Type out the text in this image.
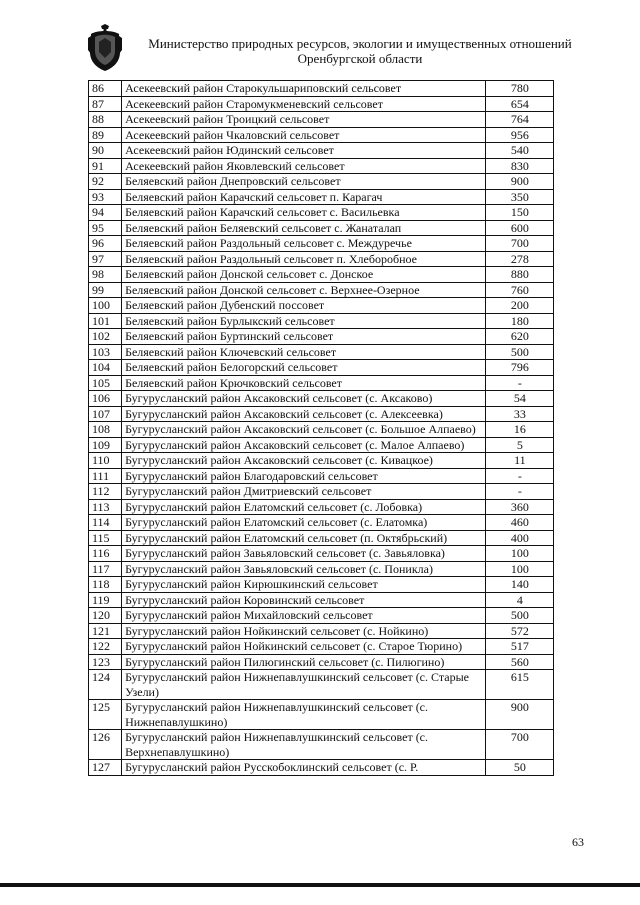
Министерство природных ресурсов, экологии и имущественных отношений
Оренбургской области
86	Асекеевский район Старокульшариповский сельсовет	780
87	Асекеевский район Старомукменевский сельсовет	654
88	Асекеевский район Троицкий сельсовет	764
89	Асекеевский район Чкаловский сельсовет	956
90	Асекеевский район Юдинский сельсовет	540
91	Асекеевский район Яковлевский сельсовет	830
92	Беляевский район Днепровский сельсовет	900
93	Беляевский район Карачский сельсовет п. Карагач	350
94	Беляевский район Карачский сельсовет с. Васильевка	150
95	Беляевский район Беляевский сельсовет с. Жанаталап	600
96	Беляевский район Раздольный сельсовет с. Междуречье	700
97	Беляевский район Раздольный сельсовет п. Хлеборобное	278
98	Беляевский район Донской сельсовет с. Донское	880
99	Беляевский район Донской сельсовет с. Верхнее-Озерное	760
100	Беляевский район Дубенский поссовет	200
101	Беляевский район Бурлыкский сельсовет	180
102	Беляевский район Буртинский сельсовет	620
103	Беляевский район Ключевский сельсовет	500
104	Беляевский район Белогорский сельсовет	796
105	Беляевский район Крючковский сельсовет	-
106	Бугурусланский район Аксаковский сельсовет (с. Аксаково)	54
107	Бугурусланский район Аксаковский сельсовет (с. Алексеевка)	33
108	Бугурусланский район Аксаковский сельсовет (с. Большое Алпаево)	16
109	Бугурусланский район Аксаковский сельсовет (с. Малое Алпаево)	5
110	Бугурусланский район Аксаковский сельсовет (с. Кивацкое)	11
111	Бугурусланский район Благодаровский сельсовет	-
112	Бугурусланский район Дмитриевский сельсовет	-
113	Бугурусланский район Елатомский сельсовет (с. Лобовка)	360
114	Бугурусланский район Елатомский сельсовет (с. Елатомка)	460
115	Бугурусланский район Елатомский сельсовет (п. Октябрьский)	400
116	Бугурусланский район Завьяловский сельсовет (с. Завьяловка)	100
117	Бугурусланский район Завьяловский сельсовет (с. Поникла)	100
118	Бугурусланский район Кирюшкинский сельсовет	140
119	Бугурусланский район Коровинский сельсовет	4
120	Бугурусланский район Михайловский сельсовет	500
121	Бугурусланский район Нойкинский сельсовет (с. Нойкино)	572
122	Бугурусланский район Нойкинский сельсовет (с. Старое Тюрино)	517
123	Бугурусланский район Пилюгинский сельсовет (с. Пилюгино)	560
124	Бугурусланский район Нижнепавлушкинский сельсовет (с. Старые Узели)	615
125	Бугурусланский район Нижнепавлушкинский сельсовет (с. Нижнепавлушкино)	900
126	Бугурусланский район Нижнепавлушкинский сельсовет (с. Верхнепавлушкино)	700
127	Бугурусланский район Русскобоклинский сельсовет (с. Р.	50
63
